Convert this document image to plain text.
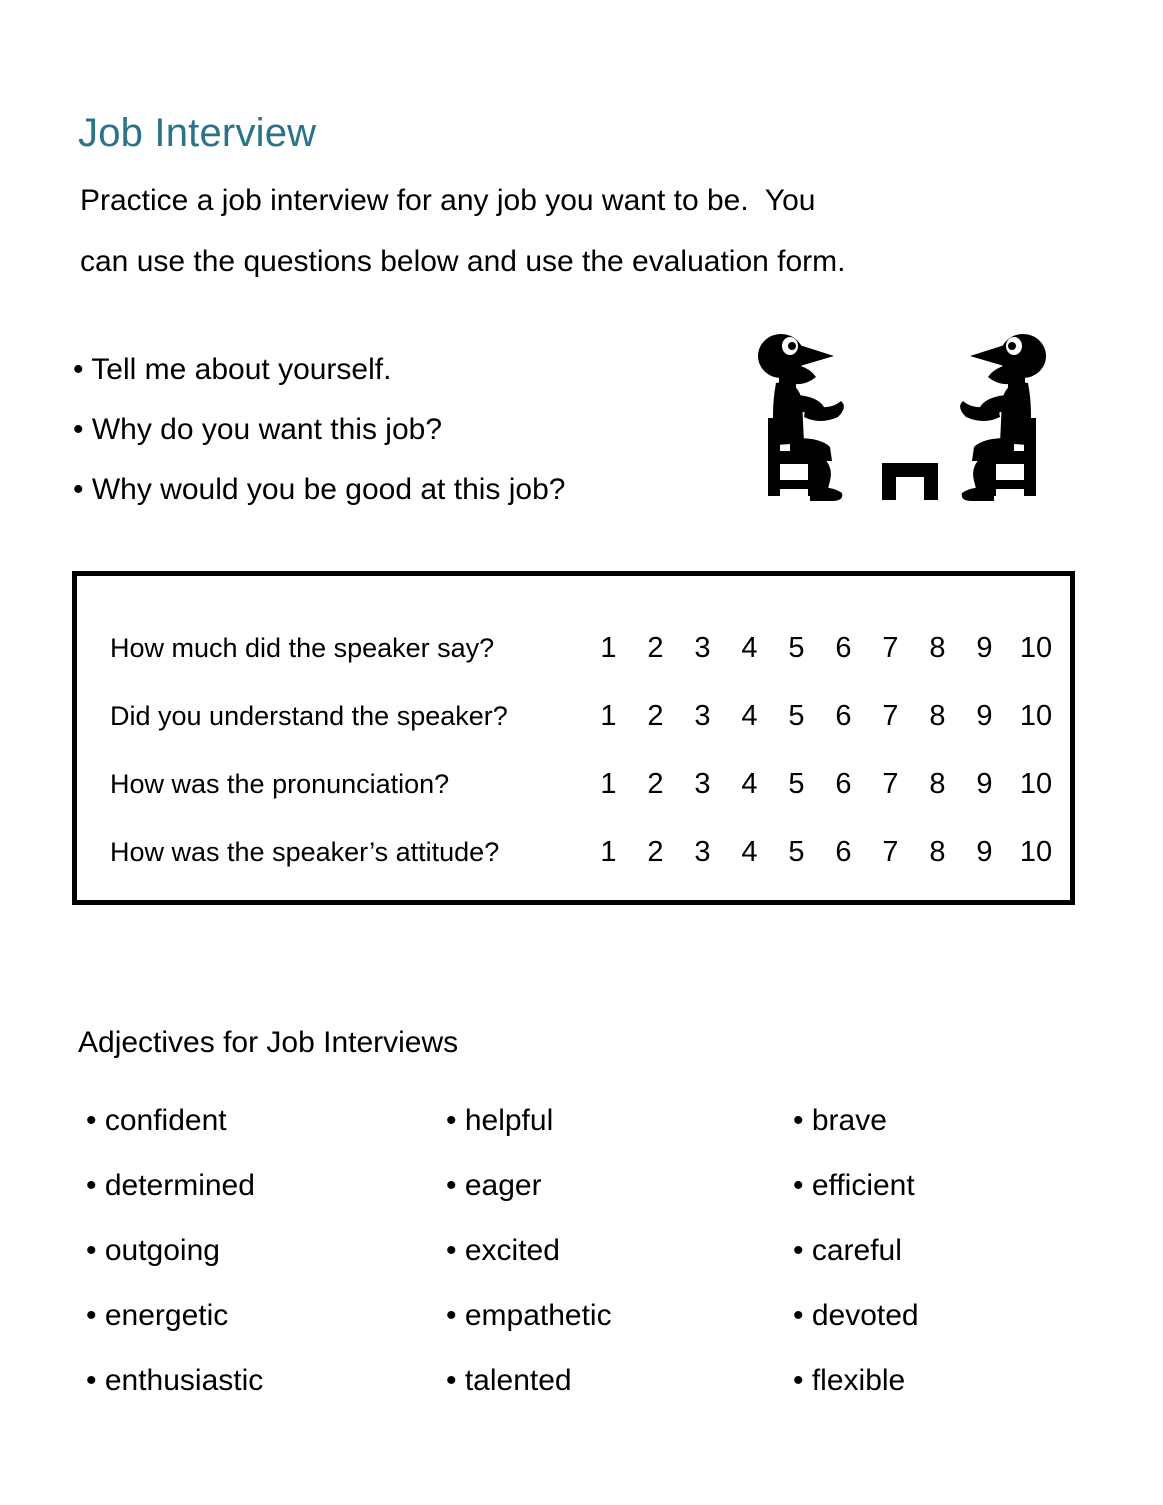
Job Interview
Practice a job interview for any job you want to be.  You
can use the questions below and use the evaluation form.
• Tell me about yourself.
• Why do you want this job?
• Why would you be good at this job?
How much did the speaker say?	1	2	3	4	5	6	7	8	9 10
Did you understand the speaker?	1	2	3	4	5	6	7	8	9 10
How was the pronunciation?	1	2	3	4	5	6	7	8	9 10
How was the speaker’s attitude?	1	2	3	4	5	6	7	8	9 10
Adjectives for Job Interviews
• confident
• determined
• outgoing
• energetic
• enthusiastic
• helpful
• eager
• excited
• empathetic
• talented
• brave
• efficient
• careful
• devoted
• flexible
